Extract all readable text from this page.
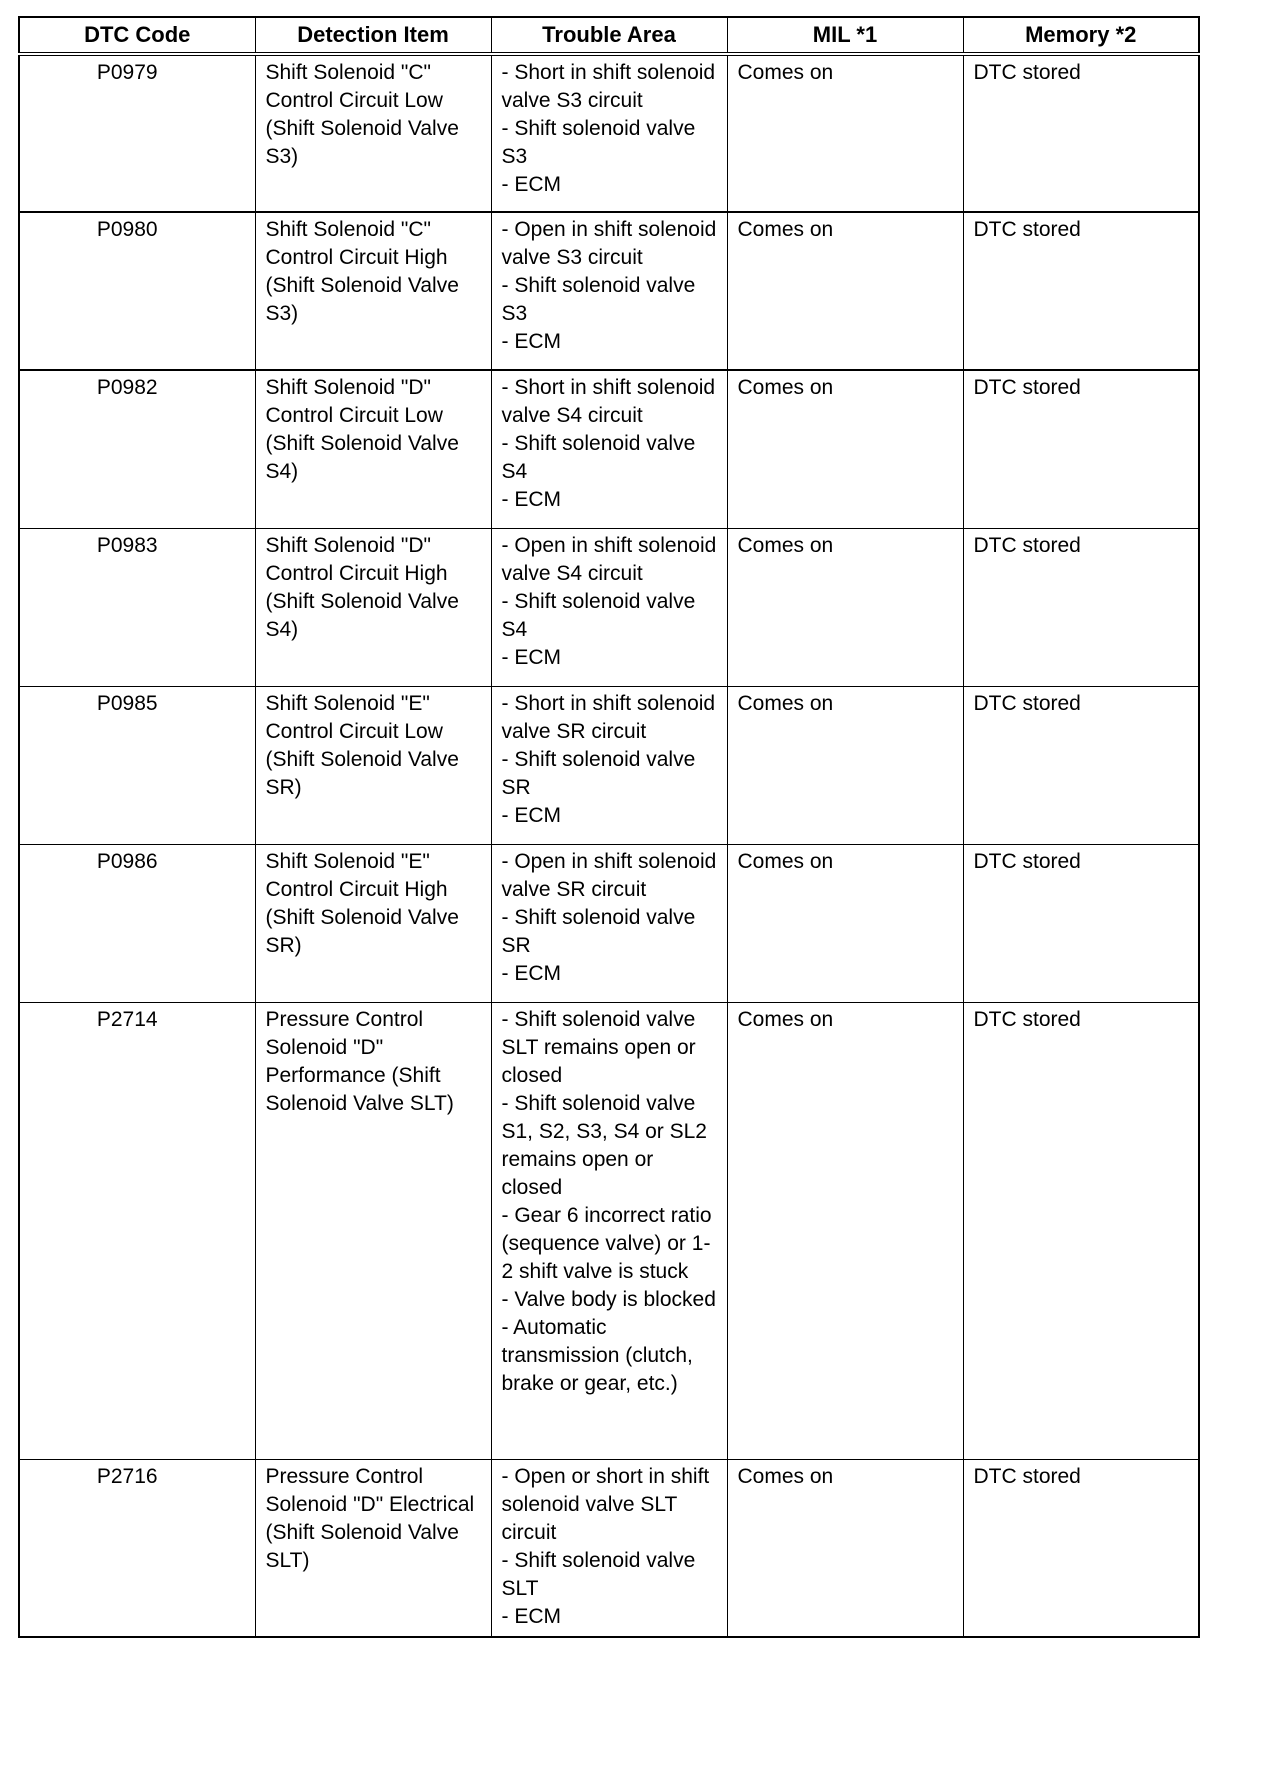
DTC Code	Detection Item	Trouble Area	MIL *1	Memory *2
P0979	Shift Solenoid "C" Control Circuit Low (Shift Solenoid Valve S3)	- Short in shift solenoid valve S3 circuit
- Shift solenoid valve S3
- ECM	Comes on	DTC stored
P0980	Shift Solenoid "C" Control Circuit High (Shift Solenoid Valve S3)	- Open in shift solenoid valve S3 circuit
- Shift solenoid valve S3
- ECM	Comes on	DTC stored
P0982	Shift Solenoid "D" Control Circuit Low (Shift Solenoid Valve S4)	- Short in shift solenoid valve S4 circuit
- Shift solenoid valve S4
- ECM	Comes on	DTC stored
P0983	Shift Solenoid "D" Control Circuit High (Shift Solenoid Valve S4)	- Open in shift solenoid valve S4 circuit
- Shift solenoid valve S4
- ECM	Comes on	DTC stored
P0985	Shift Solenoid "E" Control Circuit Low (Shift Solenoid Valve SR)	- Short in shift solenoid valve SR circuit
- Shift solenoid valve SR
- ECM	Comes on	DTC stored
P0986	Shift Solenoid "E" Control Circuit High (Shift Solenoid Valve SR)	- Open in shift solenoid valve SR circuit
- Shift solenoid valve SR
- ECM	Comes on	DTC stored
P2714	Pressure Control Solenoid "D" Performance (Shift Solenoid Valve SLT)	- Shift solenoid valve SLT remains open or closed
- Shift solenoid valve S1, S2, S3, S4 or SL2 remains open or closed
- Gear 6 incorrect ratio (sequence valve) or 1-2 shift valve is stuck
- Valve body is blocked
- Automatic transmission (clutch, brake or gear, etc.)	Comes on	DTC stored
P2716	Pressure Control Solenoid "D" Electrical (Shift Solenoid Valve SLT)	- Open or short in shift solenoid valve SLT circuit
- Shift solenoid valve SLT
- ECM	Comes on	DTC stored
